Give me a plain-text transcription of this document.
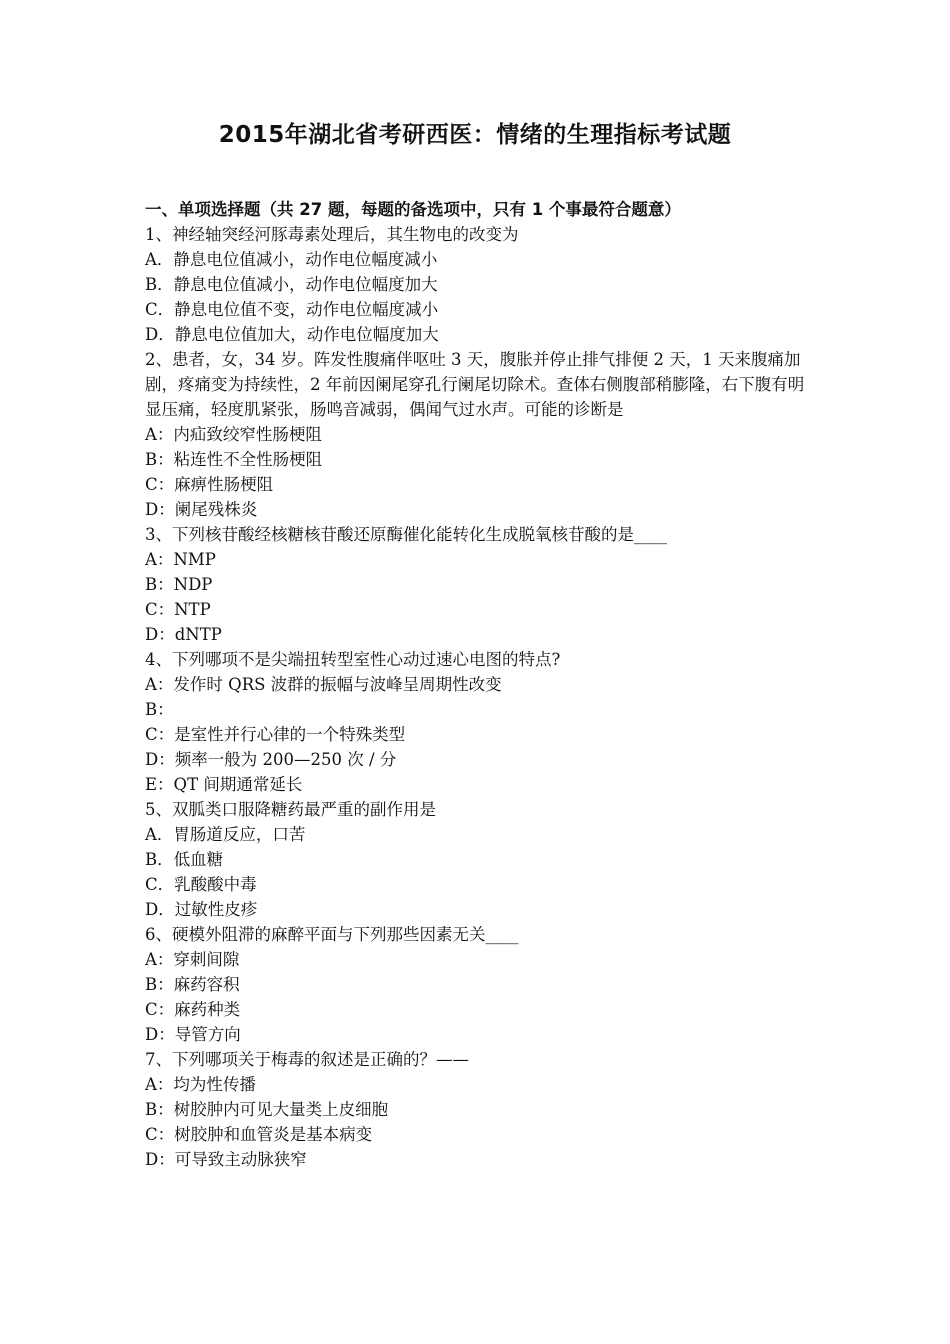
2015年湖北省考研西医：情绪的生理指标考试题
一、单项选择题（共 27 题，每题的备选项中，只有 1 个事最符合题意）
1、神经轴突经河豚毒素处理后，其生物电的改变为
A．静息电位值减小，动作电位幅度减小
B．静息电位值减小，动作电位幅度加大
C．静息电位值不变，动作电位幅度减小
D．静息电位值加大，动作电位幅度加大
2、患者，女，34 岁。阵发性腹痛伴呕吐 3 天，腹胀并停止排气排便 2 天，1 天来腹痛加剧，疼痛变为持续性，2 年前因阑尾穿孔行阑尾切除术。查体右侧腹部稍膨隆，右下腹有明显压痛，轻度肌紧张，肠鸣音减弱，偶闻气过水声。可能的诊断是
A：内疝致绞窄性肠梗阻
B：粘连性不全性肠梗阻
C：麻痹性肠梗阻
D：阑尾残株炎
3、下列核苷酸经核糖核苷酸还原酶催化能转化生成脱氧核苷酸的是____
A：NMP
B：NDP
C：NTP
D：dNTP
4、下列哪项不是尖端扭转型室性心动过速心电图的特点?
A：发作时 QRS 波群的振幅与波峰呈周期性改变
B：
C：是室性并行心律的一个特殊类型
D：频率一般为 200—250 次 / 分
E：QT 间期通常延长
5、双胍类口服降糖药最严重的副作用是
A．胃肠道反应，口苦
B．低血糖
C．乳酸酸中毒
D．过敏性皮疹
6、硬模外阻滞的麻醉平面与下列那些因素无关____
A：穿刺间隙
B：麻药容积
C：麻药种类
D：导管方向
7、下列哪项关于梅毒的叙述是正确的？——
A：均为性传播
B：树胶肿内可见大量类上皮细胞
C：树胶肿和血管炎是基本病变
D：可导致主动脉狭窄
